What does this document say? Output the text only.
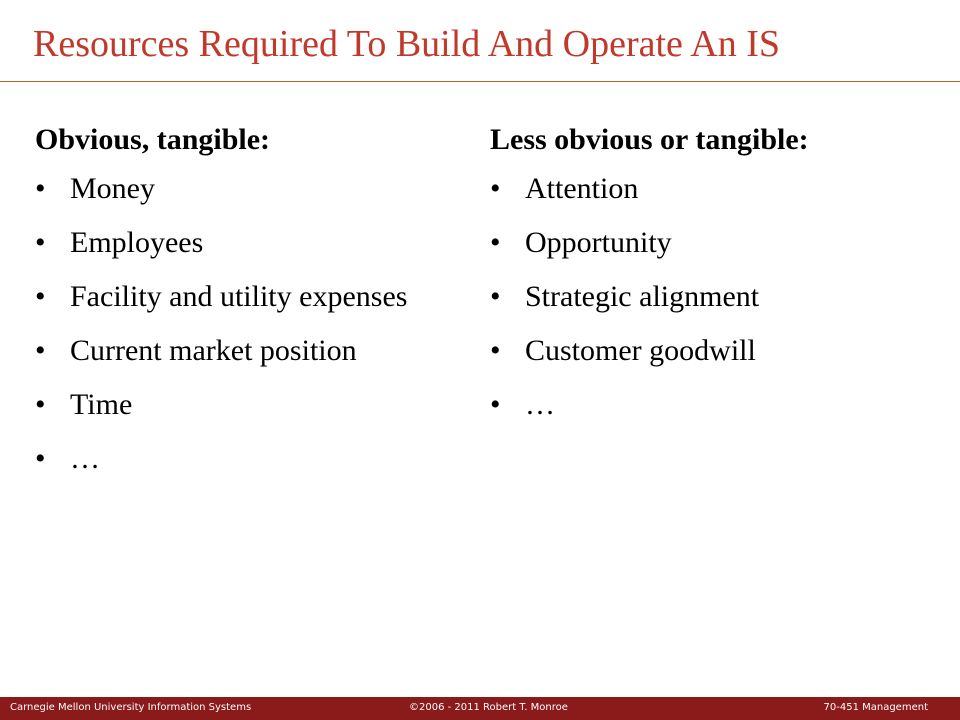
Resources Required To Build And Operate An IS
Obvious, tangible:
• Money
• Employees
• Facility and utility expenses
• Current market position
• Time
• …
Less obvious or tangible:
• Attention
• Opportunity
• Strategic alignment
• Customer goodwill
• …
Carnegie Mellon University Information Systems	©2006 - 2011 Robert T. Monroe	70-451 Management
